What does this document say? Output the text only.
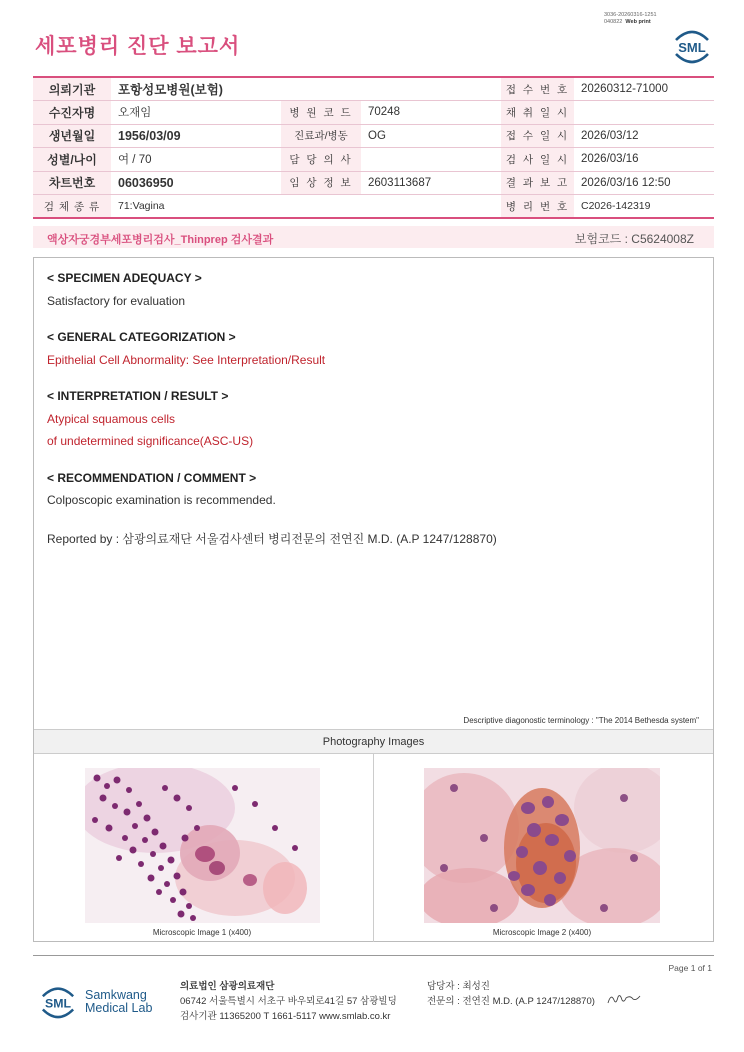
3036-20260316-1251
040822 Web print
세포병리 진단 보고서	SML
의뢰기관	포항성모병원(보험)			접 수 번 호	20260312-71000
수진자명	오재임	병 원 코 드	70248	채 취 일 시	
생년월일	1956/03/09	진료과/병동	OG	접 수 일 시	2026/03/12
성별/나이	여 / 70	담 당 의 사		검 사 일 시	2026/03/16
차트번호	06036950	임 상 정 보	2603113687	결 과 보 고	2026/03/16 12:50
검 체 종 류	71:Vagina			병 리 번 호	C2026-142319
액상자궁경부세포병리검사_Thinprep 검사결과	보험코드 : C5624008Z
< SPECIMEN ADEQUACY >
Satisfactory for evaluation
< GENERAL CATEGORIZATION >
Epithelial Cell Abnormality: See Interpretation/Result
< INTERPRETATION / RESULT >
Atypical squamous cells
of undetermined significance(ASC-US)
< RECOMMENDATION / COMMENT >
Colposcopic examination is recommended.
Reported by : 삼광의료재단 서울검사센터 병리전문의 전연진 M.D. (A.P 1247/128870)
Descriptive diagonostic terminology : "The 2014 Bethesda system"
Photography Images
Microscopic Image 1 (x400)	Microscopic Image 2 (x400)
Page 1 of 1
SML
Samkwang
Medical Lab
의료법인 삼광의료재단
06742 서울특별시 서초구 바우뫼로41길 57 삼광빌딩
검사기관 11365200 T 1661-5117 www.smlab.co.kr
담당자 : 최성진
전문의 : 전연진 M.D. (A.P 1247/128870)
